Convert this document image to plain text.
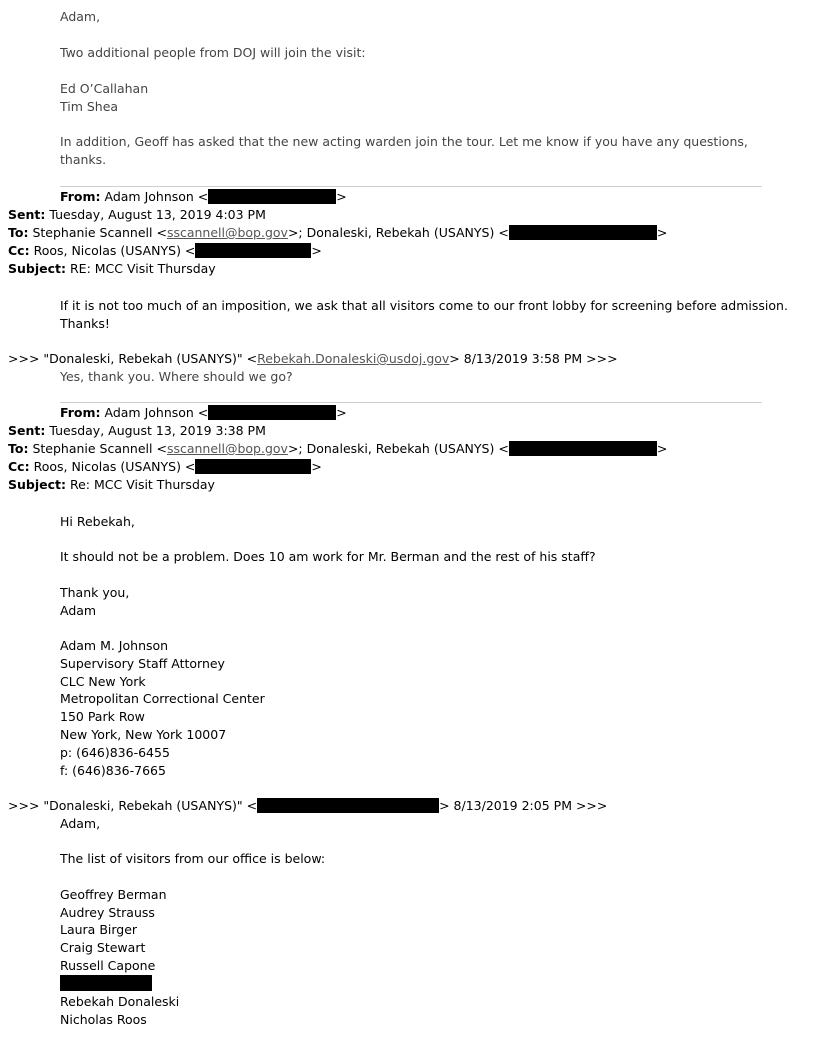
Adam,
Two additional people from DOJ will join the visit:
Ed O’Callahan
Tim Shea
In addition, Geoff has asked that the new acting warden join the tour. Let me know if you have any questions,
thanks.
From: Adam Johnson <	>
Sent: Tuesday, August 13, 2019 4:03 PM
To: Stephanie Scannell <sscannell@bop.gov>; Donaleski, Rebekah (USANYS) <	>
Cc: Roos, Nicolas (USANYS) <	>
Subject: RE: MCC Visit Thursday
If it is not too much of an imposition, we ask that all visitors come to our front lobby for screening before admission.
Thanks!
>>> "Donaleski, Rebekah (USANYS)" <Rebekah.Donaleski@usdoj.gov> 8/13/2019 3:58 PM >>>
Yes, thank you. Where should we go?
From: Adam Johnson <	>
Sent: Tuesday, August 13, 2019 3:38 PM
To: Stephanie Scannell <sscannell@bop.gov>; Donaleski, Rebekah (USANYS) <	>
Cc: Roos, Nicolas (USANYS) <	>
Subject: Re: MCC Visit Thursday
Hi Rebekah,
It should not be a problem. Does 10 am work for Mr. Berman and the rest of his staff?
Thank you,
Adam
Adam M. Johnson
Supervisory Staff Attorney
CLC New York
Metropolitan Correctional Center
150 Park Row
New York, New York 10007
p: (646)836-6455
f: (646)836-7665
>>> "Donaleski, Rebekah (USANYS)" <	> 8/13/2019 2:05 PM >>>
Adam,
The list of visitors from our office is below:
Geoffrey Berman
Audrey Strauss
Laura Birger
Craig Stewart
Russell Capone
Rebekah Donaleski
Nicholas Roos
